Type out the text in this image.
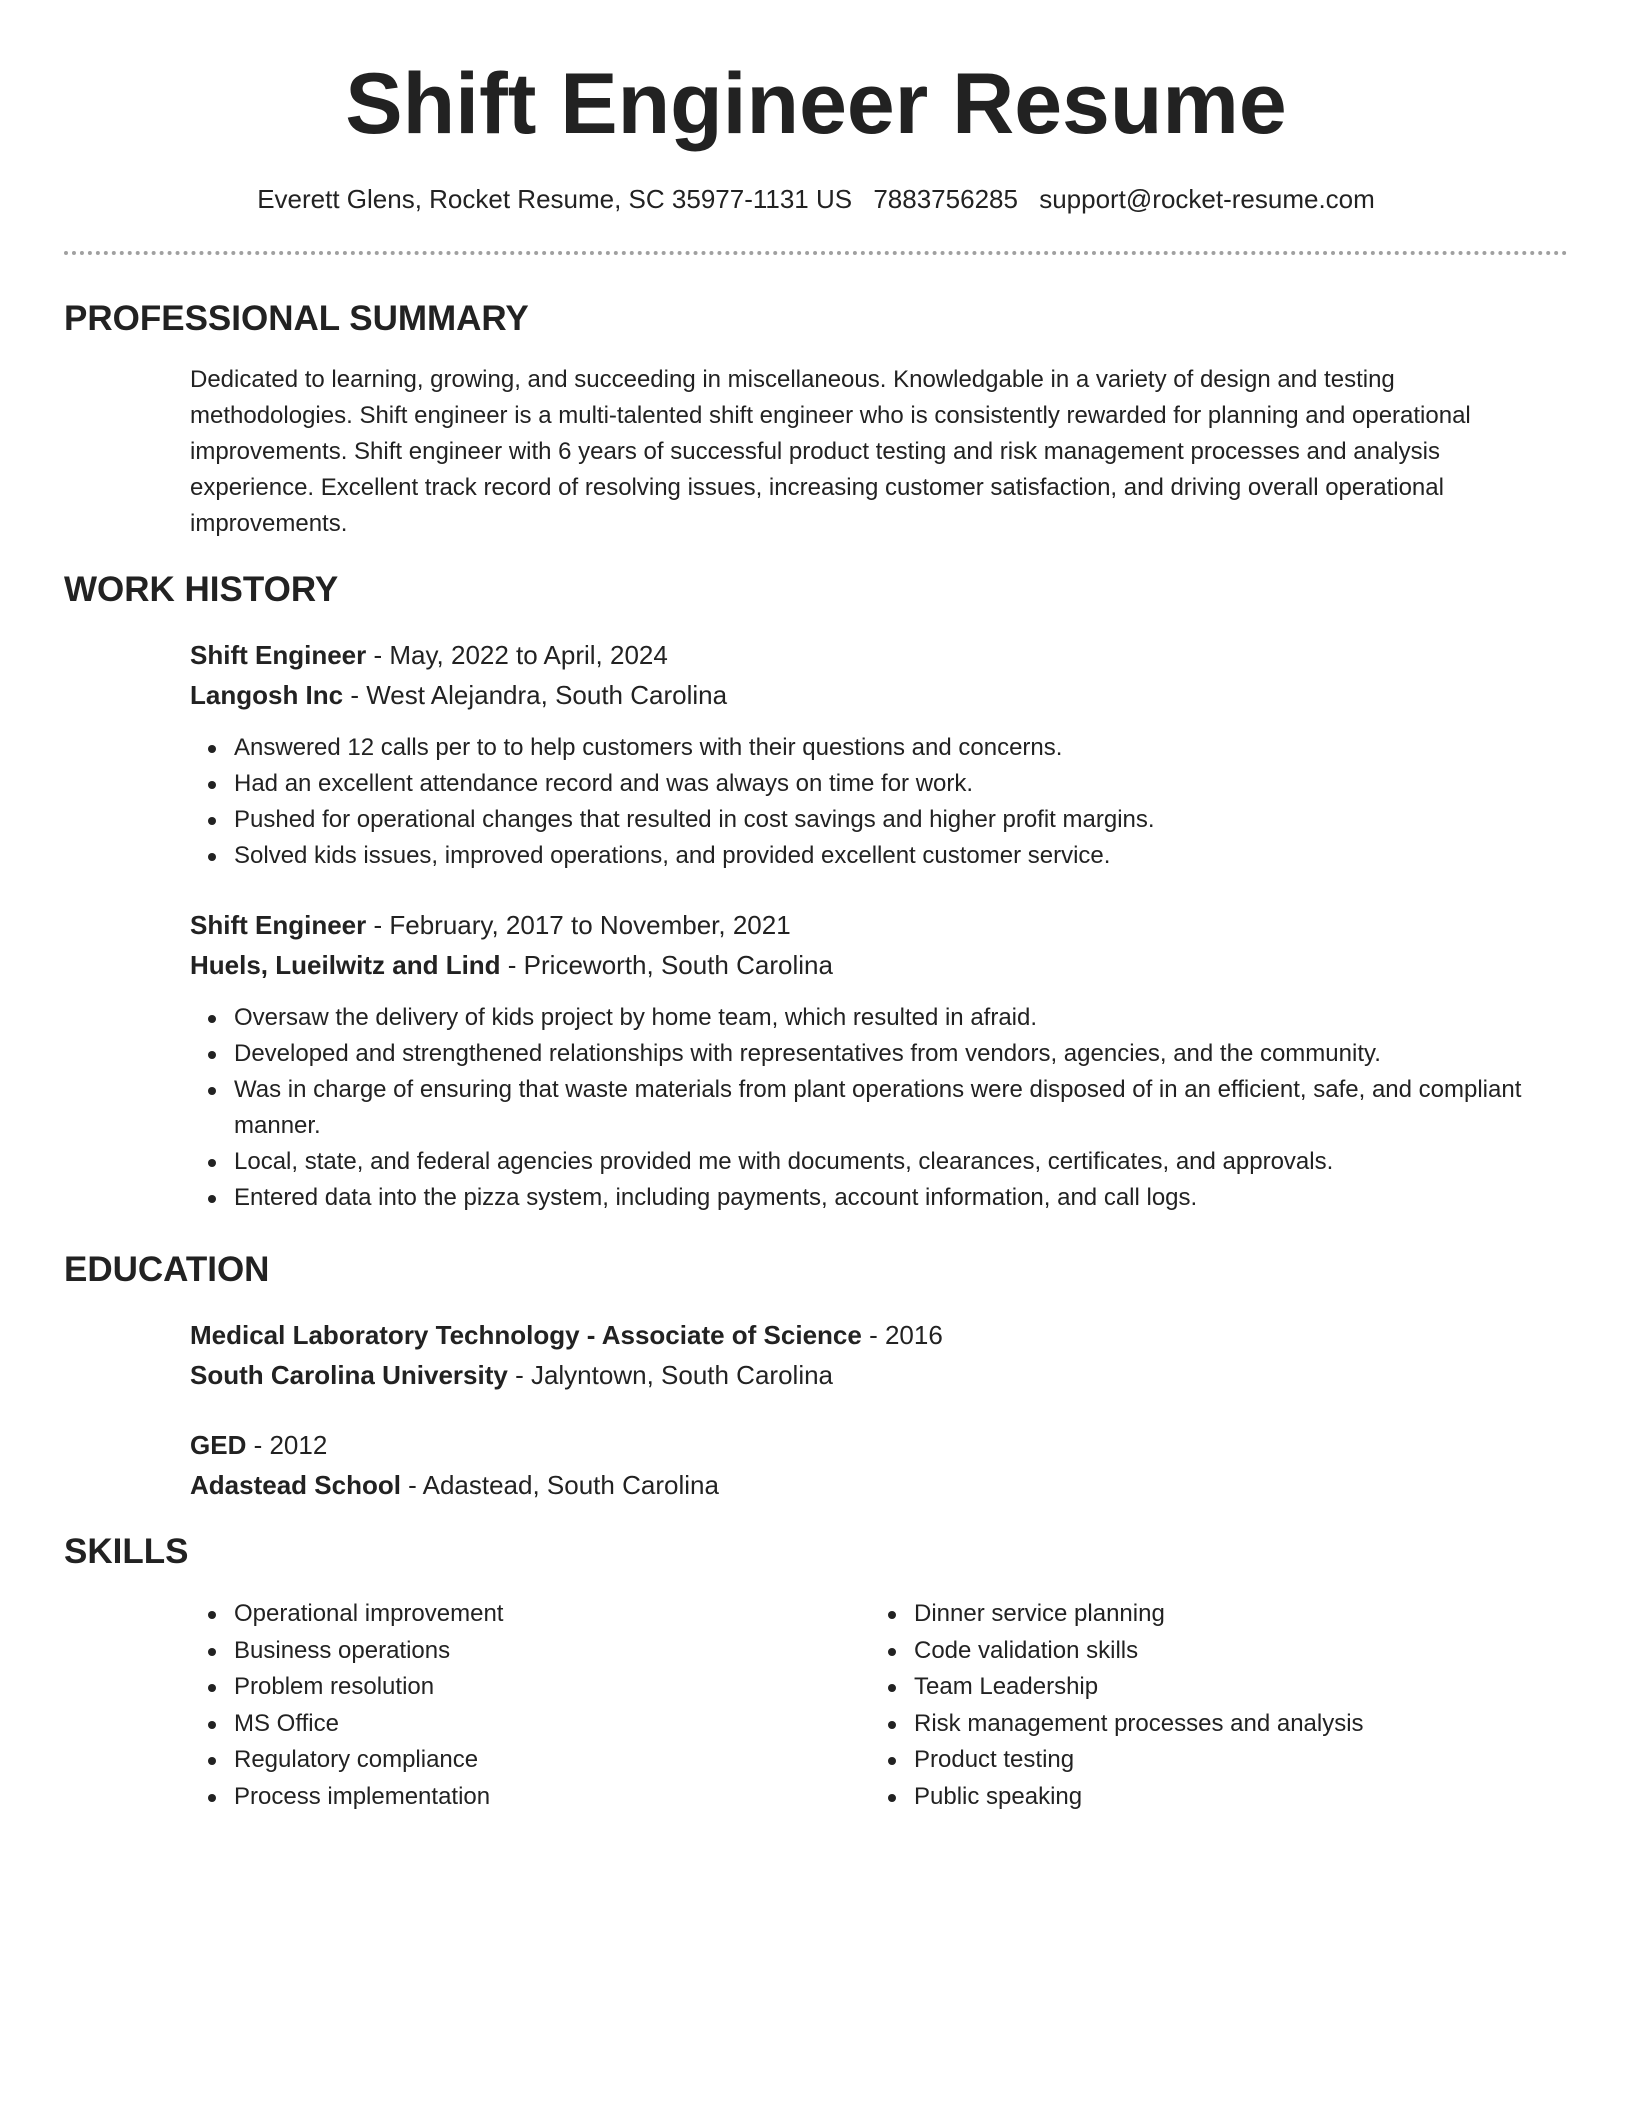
Shift Engineer Resume
Everett Glens, Rocket Resume, SC 35977-1131 US 7883756285 support@rocket-resume.com
PROFESSIONAL SUMMARY
Dedicated to learning, growing, and succeeding in miscellaneous. Knowledgable in a variety of design and testing methodologies. Shift engineer is a multi-talented shift engineer who is consistently rewarded for planning and operational improvements. Shift engineer with 6 years of successful product testing and risk management processes and analysis experience. Excellent track record of resolving issues, increasing customer satisfaction, and driving overall operational improvements.
WORK HISTORY
Shift Engineer - May, 2022 to April, 2024
Langosh Inc - West Alejandra, South Carolina
Answered 12 calls per to to help customers with their questions and concerns.
Had an excellent attendance record and was always on time for work.
Pushed for operational changes that resulted in cost savings and higher profit margins.
Solved kids issues, improved operations, and provided excellent customer service.
Shift Engineer - February, 2017 to November, 2021
Huels, Lueilwitz and Lind - Priceworth, South Carolina
Oversaw the delivery of kids project by home team, which resulted in afraid.
Developed and strengthened relationships with representatives from vendors, agencies, and the community.
Was in charge of ensuring that waste materials from plant operations were disposed of in an efficient, safe, and compliant manner.
Local, state, and federal agencies provided me with documents, clearances, certificates, and approvals.
Entered data into the pizza system, including payments, account information, and call logs.
EDUCATION
Medical Laboratory Technology - Associate of Science - 2016
South Carolina University - Jalyntown, South Carolina
GED - 2012
Adastead School - Adastead, South Carolina
SKILLS
Operational improvement
Business operations
Problem resolution
MS Office
Regulatory compliance
Process implementation
Dinner service planning
Code validation skills
Team Leadership
Risk management processes and analysis
Product testing
Public speaking
